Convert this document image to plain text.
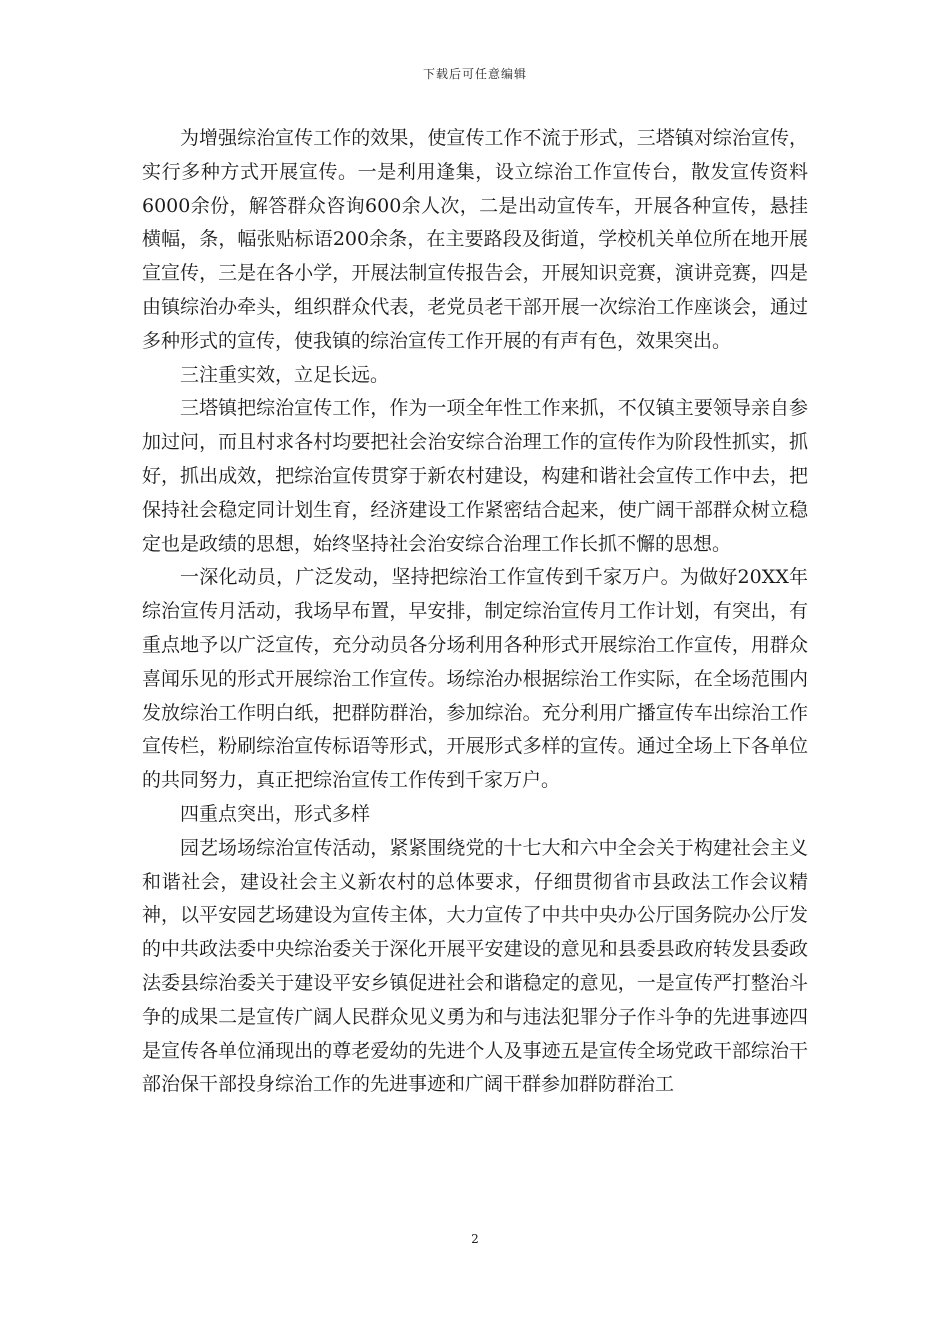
下载后可任意编辑

为增强综治宣传工作的效果，使宣传工作不流于形式，三塔镇对综治宣传，实行多种方式开展宣传。一是利用逢集，设立综治工作宣传台，散发宣传资料6000余份，解答群众咨询600余人次，二是出动宣传车，开展各种宣传，悬挂横幅，条，幅张贴标语200余条，在主要路段及街道，学校机关单位所在地开展宣宣传，三是在各小学，开展法制宣传报告会，开展知识竞赛，演讲竞赛，四是由镇综治办牵头，组织群众代表，老党员老干部开展一次综治工作座谈会，通过多种形式的宣传，使我镇的综治宣传工作开展的有声有色，效果突出。

三注重实效，立足长远。

三塔镇把综治宣传工作，作为一项全年性工作来抓，不仅镇主要领导亲自参加过问，而且村求各村均要把社会治安综合治理工作的宣传作为阶段性抓实，抓好，抓出成效，把综治宣传贯穿于新农村建设，构建和谐社会宣传工作中去，把保持社会稳定同计划生育，经济建设工作紧密结合起来，使广阔干部群众树立稳定也是政绩的思想，始终坚持社会治安综合治理工作长抓不懈的思想。

一深化动员，广泛发动，坚持把综治工作宣传到千家万户。为做好20XX年综治宣传月活动，我场早布置，早安排，制定综治宣传月工作计划，有突出，有重点地予以广泛宣传，充分动员各分场利用各种形式开展综治工作宣传，用群众喜闻乐见的形式开展综治工作宣传。场综治办根据综治工作实际，在全场范围内发放综治工作明白纸，把群防群治，参加综治。充分利用广播宣传车出综治工作宣传栏，粉刷综治宣传标语等形式，开展形式多样的宣传。通过全场上下各单位的共同努力，真正把综治宣传工作传到千家万户。

四重点突出，形式多样

园艺场场综治宣传活动，紧紧围绕党的十七大和六中全会关于构建社会主义和谐社会，建设社会主义新农村的总体要求，仔细贯彻省市县政法工作会议精神，以平安园艺场建设为宣传主体，大力宣传了中共中央办公厅国务院办公厅发的中共政法委中央综治委关于深化开展平安建设的意见和县委县政府转发县委政法委县综治委关于建设平安乡镇促进社会和谐稳定的意见，一是宣传严打整治斗争的成果二是宣传广阔人民群众见义勇为和与违法犯罪分子作斗争的先进事迹四是宣传各单位涌现出的尊老爱幼的先进个人及事迹五是宣传全场党政干部综治干部治保干部投身综治工作的先进事迹和广阔干群参加群防群治工

2
